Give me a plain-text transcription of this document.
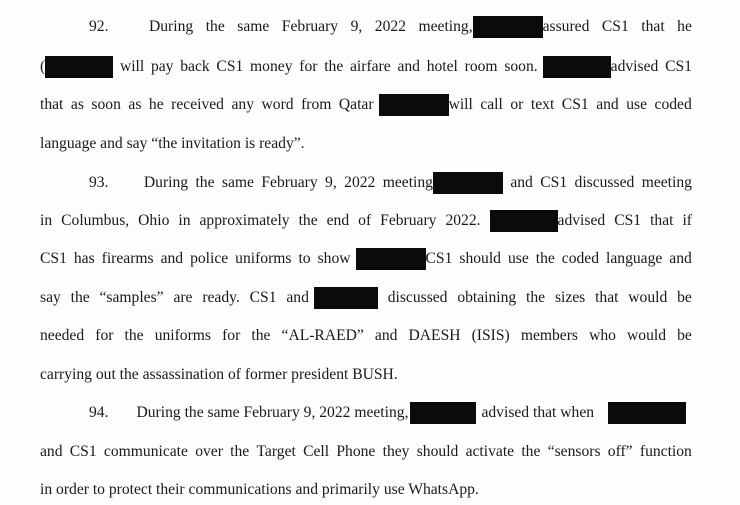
92.	During the same February 9, 2022 meeting,	assured CS1 that he
(	will pay back CS1 money for the airfare and hotel room soon.	advised CS1
that as soon as he received any word from Qatar	will call or text CS1 and use coded
language and say “the invitation is ready”.
93. During the same February 9, 2022 meeting	and CS1 discussed meeting
in Columbus, Ohio in approximately the end of February 2022.	advised CS1 that if
CS1 has firearms and police uniforms to show	CS1 should use the coded language and
say the “samples” are ready. CS1 and	discussed obtaining the sizes that would be
needed for the uniforms for the “AL-RAED” and DAESH (ISIS) members who would be
carrying out the assassination of former president BUSH.
94. During the same February 9, 2022 meeting,	advised that when
and CS1 communicate over the Target Cell Phone they should activate the “sensors off” function
in order to protect their communications and primarily use WhatsApp.
